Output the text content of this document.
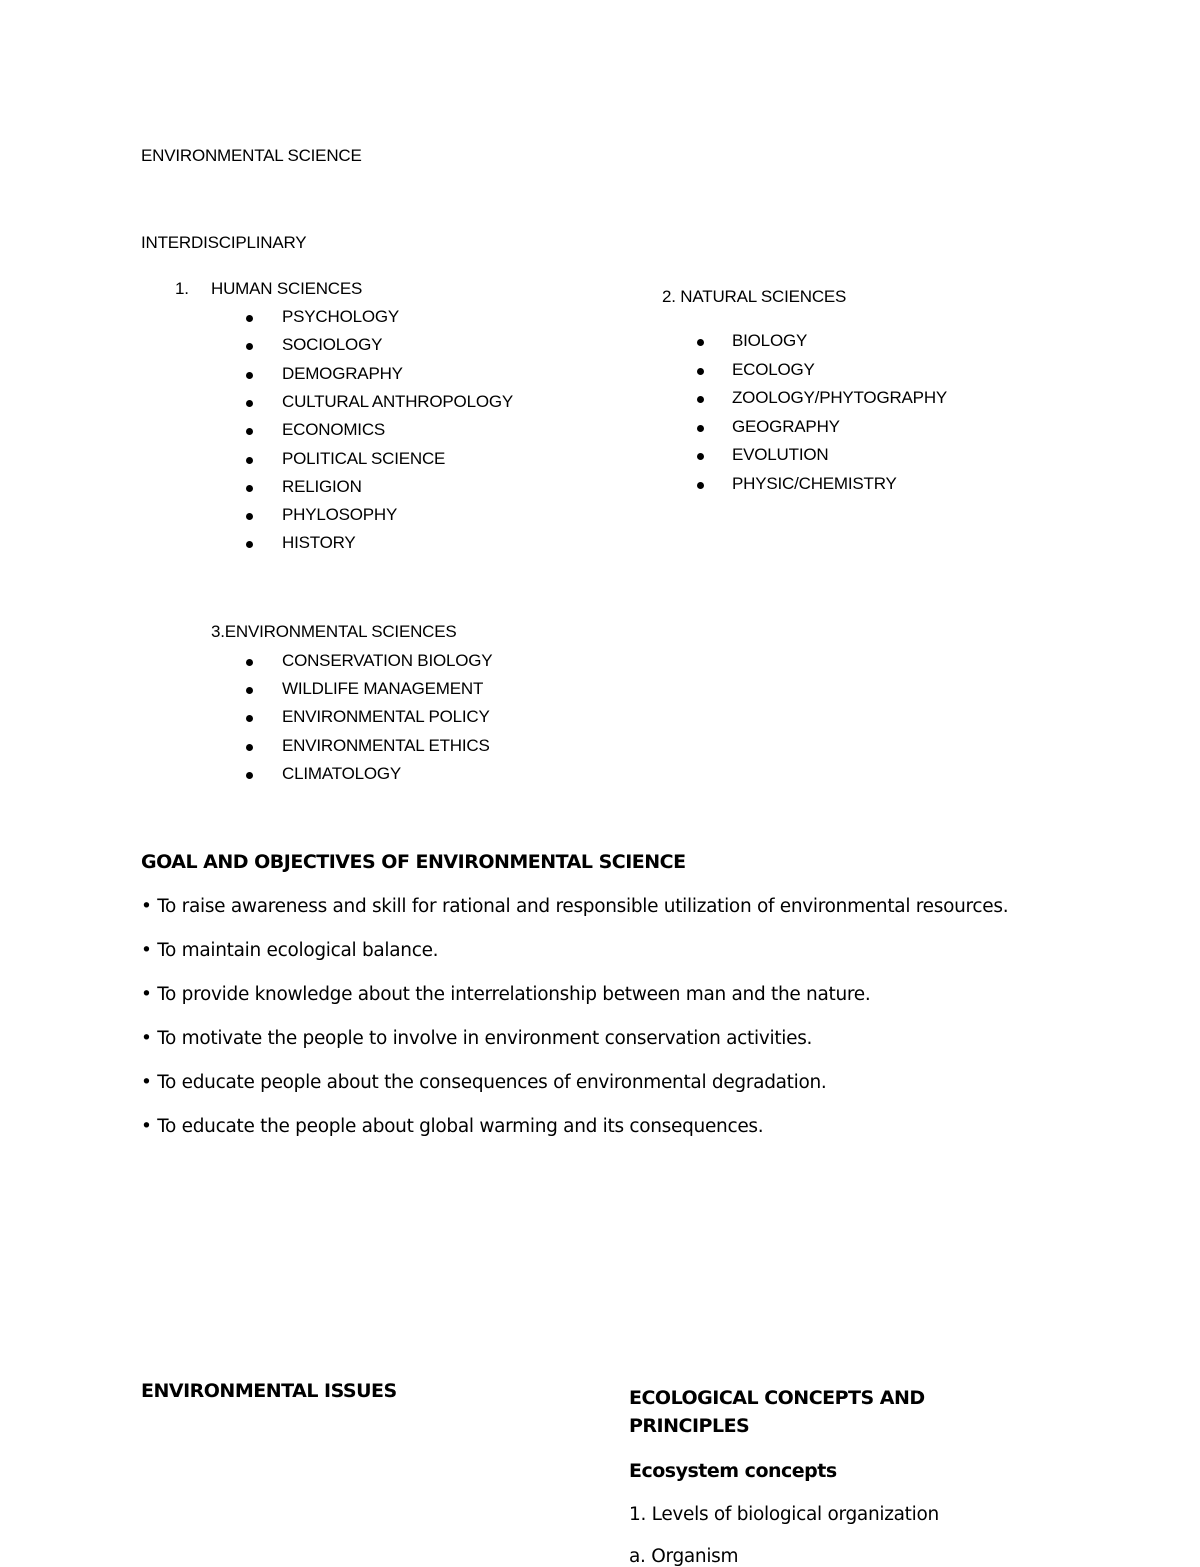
ENVIRONMENTAL SCIENCE
INTERDISCIPLINARY
1. HUMAN SCIENCES
PSYCHOLOGY
SOCIOLOGY
DEMOGRAPHY
CULTURAL ANTHROPOLOGY
ECONOMICS
POLITICAL SCIENCE
RELIGION
PHYLOSOPHY
HISTORY
2. NATURAL SCIENCES
BIOLOGY
ECOLOGY
ZOOLOGY/PHYTOGRAPHY
GEOGRAPHY
EVOLUTION
PHYSIC/CHEMISTRY
3.ENVIRONMENTAL SCIENCES
CONSERVATION BIOLOGY
WILDLIFE MANAGEMENT
ENVIRONMENTAL POLICY
ENVIRONMENTAL ETHICS
CLIMATOLOGY
GOAL AND OBJECTIVES OF ENVIRONMENTAL SCIENCE
• To raise awareness and skill for rational and responsible utilization of environmental resources.
• To maintain ecological balance.
• To provide knowledge about the interrelationship between man and the nature.
• To motivate the people to involve in environment conservation activities.
• To educate people about the consequences of environmental degradation.
• To educate the people about global warming and its consequences.
ENVIRONMENTAL ISSUES	ECOLOGICAL CONCEPTS AND
PRINCIPLES
Ecosystem concepts
1. Levels of biological organization
a. Organism
